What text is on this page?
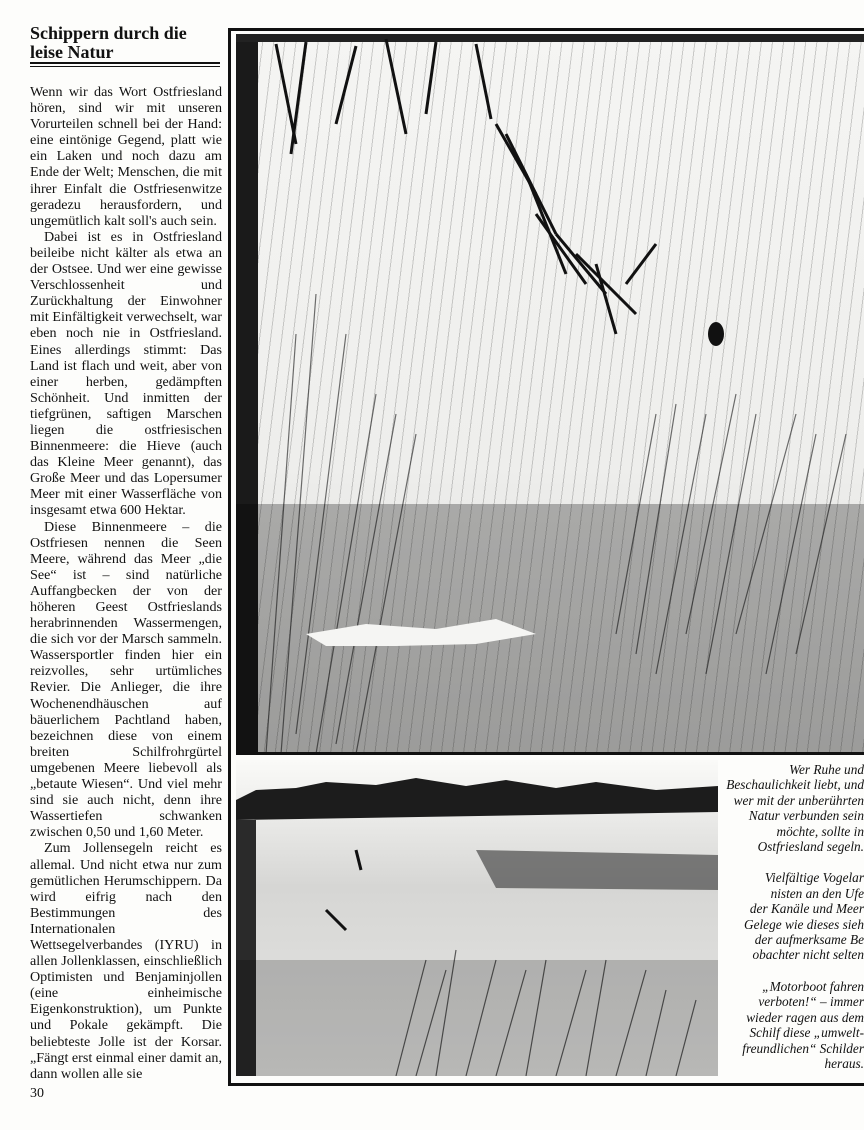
Schippern durch die leise Natur

Wenn wir das Wort Ostfriesland hören, sind wir mit unseren Vorurteilen schnell bei der Hand: eine eintönige Gegend, platt wie ein Laken und noch dazu am Ende der Welt; Menschen, die mit ihrer Einfalt die Ostfriesenwitze geradezu herausfordern, und ungemütlich kalt soll's auch sein.

Dabei ist es in Ostfriesland beileibe nicht kälter als etwa an der Ostsee. Und wer eine gewisse Verschlossenheit und Zurückhaltung der Einwohner mit Einfältigkeit verwechselt, war eben noch nie in Ostfriesland. Eines allerdings stimmt: Das Land ist flach und weit, aber von einer herben, gedämpften Schönheit. Und inmitten der tiefgrünen, saftigen Marschen liegen die ostfriesischen Binnenmeere: die Hieve (auch das Kleine Meer genannt), das Große Meer und das Lopersumer Meer mit einer Wasserfläche von insgesamt etwa 600 Hektar.

Diese Binnenmeere – die Ostfriesen nennen die Seen Meere, während das Meer „die See“ ist – sind natürliche Auffangbecken der von der höheren Geest Ostfrieslands herabrinnenden Wassermengen, die sich vor der Marsch sammeln. Wassersportler finden hier ein reizvolles, sehr urtümliches Revier. Die Anlieger, die ihre Wochenendhäuschen auf bäuerlichem Pachtland haben, bezeichnen diese von einem breiten Schilfrohrgürtel umgebenen Meere liebevoll als „betaute Wiesen“. Und viel mehr sind sie auch nicht, denn ihre Wassertiefen schwanken zwischen 0,50 und 1,60 Meter.

Zum Jollensegeln reicht es allemal. Und nicht etwa nur zum gemütlichen Herumschippern. Da wird eifrig nach den Bestimmungen des Internationalen Wettsegelverbandes (IYRU) in allen Jollenklassen, einschließlich Optimisten und Benjaminjollen (eine einheimische Eigenkonstruktion), um Punkte und Pokale gekämpft. Die beliebteste Jolle ist der Korsar. „Fängt erst einmal einer damit an, dann wollen alle sie

30

Wer Ruhe und Beschaulichkeit liebt, und wer mit der unberührten Natur verbunden sein möchte, sollte in Ostfriesland segeln.

Vielfältige Vogelar
nisten an den Ufe
der Kanäle und Meer
Gelege wie dieses sieh
der aufmerksame Be
obachter nicht selten

„Motorboot fahren
verboten!“ – immer
wieder ragen aus dem
Schilf diese „umwelt-
freundlichen“ Schilder
heraus.
